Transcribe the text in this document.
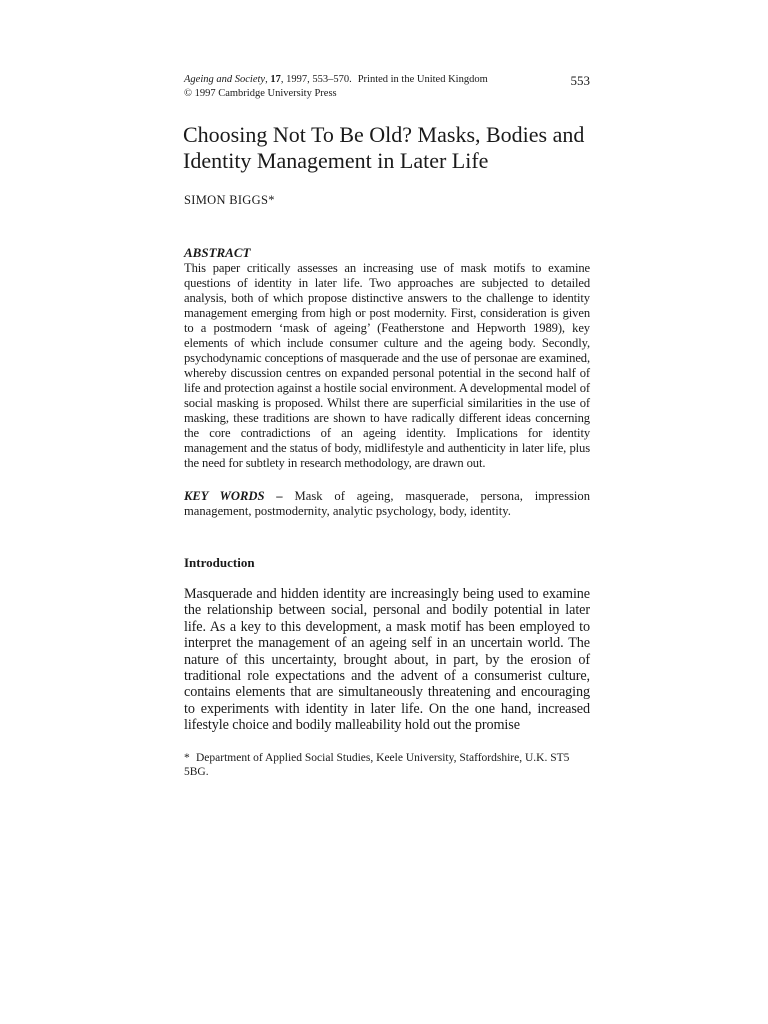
Ageing and Society, 17, 1997, 553–570. Printed in the United Kingdom
© 1997 Cambridge University Press
553
Choosing Not To Be Old? Masks, Bodies and Identity Management in Later Life
SIMON BIGGS*

ABSTRACT

This paper critically assesses an increasing use of mask motifs to examine questions of identity in later life. Two approaches are subjected to detailed analysis, both of which propose distinctive answers to the challenge to identity management emerging from high or post modernity. First, consideration is given to a postmodern ‘mask of ageing’ (Featherstone and Hepworth 1989), key elements of which include consumer culture and the ageing body. Secondly, psychodynamic conceptions of masquerade and the use of personae are examined, whereby discussion centres on expanded personal potential in the second half of life and protection against a hostile social environment. A developmental model of social masking is proposed. Whilst there are superficial similarities in the use of masking, these traditions are shown to have radically different ideas concerning the core contradictions of an ageing identity. Implications for identity management and the status of body, midlifestyle and authenticity in later life, plus the need for subtlety in research methodology, are drawn out.

KEY WORDS – Mask of ageing, masquerade, persona, impression management, postmodernity, analytic psychology, body, identity.

Introduction

Masquerade and hidden identity are increasingly being used to examine the relationship between social, personal and bodily potential in later life. As a key to this development, a mask motif has been employed to interpret the management of an ageing self in an uncertain world. The nature of this uncertainty, brought about, in part, by the erosion of traditional role expectations and the advent of a consumerist culture, contains elements that are simultaneously threatening and encouraging to experiments with identity in later life. On the one hand, increased lifestyle choice and bodily malleability hold out the promise

* Department of Applied Social Studies, Keele University, Staffordshire, U.K. ST5 5BG.
